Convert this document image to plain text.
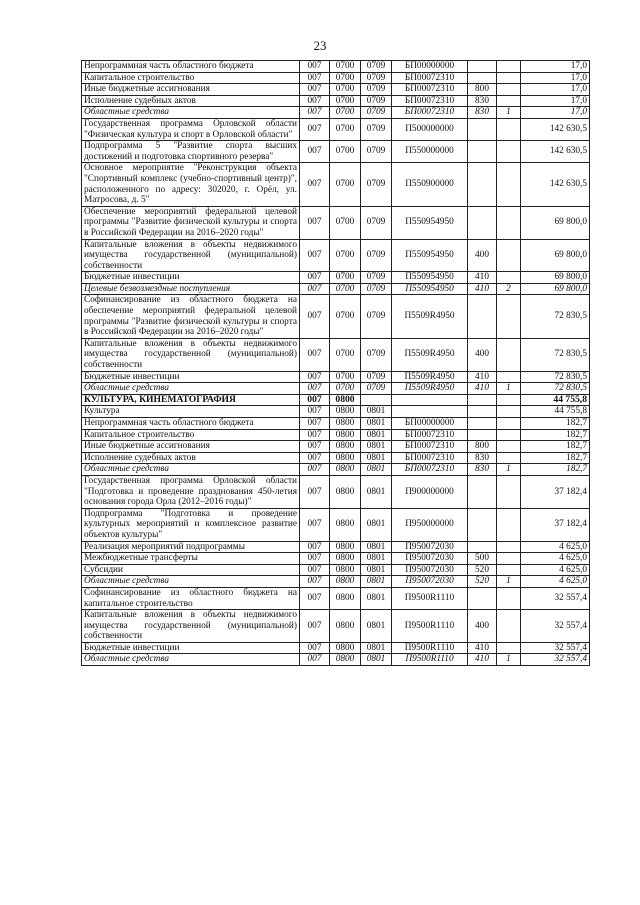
23
Непрограммная часть областного бюджета	007	0700	0709	БП00000000			17,0
Капитальное строительство	007	0700	0709	БП00072310			17,0
Иные бюджетные ассигнования	007	0700	0709	БП00072310	800		17,0
Исполнение судебных актов	007	0700	0709	БП00072310	830		17,0
Областные средства	007	0700	0709	БП00072310	830	1	17,0
Государственная программа Орловской области "Физическая культура и спорт в Орловской области"	007	0700	0709	П500000000			142 630,5
Подпрограмма 5 "Развитие спорта высших достижений и подготовка спортивного резерва"	007	0700	0709	П550000000			142 630,5
Основное мероприятие "Реконструкция объекта "Спортивный комплекс (учебно-спортивный центр)", расположенного по адресу: 302020, г. Орёл, ул. Матросова, д. 5"	007	0700	0709	П550900000			142 630,5
Обеспечение мероприятий федеральной целевой программы "Развитие физической культуры и спорта в Российской Федерации на 2016–2020 годы"	007	0700	0709	П550954950			69 800,0
Капитальные вложения в объекты недвижимого имущества государственной (муниципальной) собственности	007	0700	0709	П550954950	400		69 800,0
Бюджетные инвестиции	007	0700	0709	П550954950	410		69 800,0
Целевые безвозмездные поступления	007	0700	0709	П550954950	410	2	69 800,0
Софинансирование из областного бюджета на обеспечение мероприятий федеральной целевой программы "Развитие физической культуры и спорта в Российской Федерации на 2016–2020 годы"	007	0700	0709	П5509R4950			72 830,5
Капитальные вложения в объекты недвижимого имущества государственной (муниципальной) собственности	007	0700	0709	П5509R4950	400		72 830,5
Бюджетные инвестиции	007	0700	0709	П5509R4950	410		72 830,5
Областные средства	007	0700	0709	П5509R4950	410	1	72 830,5
КУЛЬТУРА, КИНЕМАТОГРАФИЯ	007	0800					44 755,8
Культура	007	0800	0801				44 755,8
Непрограммная часть областного бюджета	007	0800	0801	БП00000000			182,7
Капитальное строительство	007	0800	0801	БП00072310			182,7
Иные бюджетные ассигнования	007	0800	0801	БП00072310	800		182,7
Исполнение судебных актов	007	0800	0801	БП00072310	830		182,7
Областные средства	007	0800	0801	БП00072310	830	1	182,7
Государственная программа Орловской области "Подготовка и проведение празднования 450-летия основания города Орла (2012–2016 годы)"	007	0800	0801	П900000000			37 182,4
Подпрограмма "Подготовка и проведение культурных мероприятий и комплексное развитие объектов культуры"	007	0800	0801	П950000000			37 182,4
Реализация мероприятий подпрограммы	007	0800	0801	П950072030			4 625,0
Межбюджетные трансферты	007	0800	0801	П950072030	500		4 625,0
Субсидии	007	0800	0801	П950072030	520		4 625,0
Областные средства	007	0800	0801	П950072030	520	1	4 625,0
Софинансирование из областного бюджета на капитальное строительство	007	0800	0801	П9500R1110			32 557,4
Капитальные вложения в объекты недвижимого имущества государственной (муниципальной) собственности	007	0800	0801	П9500R1110	400		32 557,4
Бюджетные инвестиции	007	0800	0801	П9500R1110	410		32 557,4
Областные средства	007	0800	0801	П9500R1110	410	1	32 557,4
